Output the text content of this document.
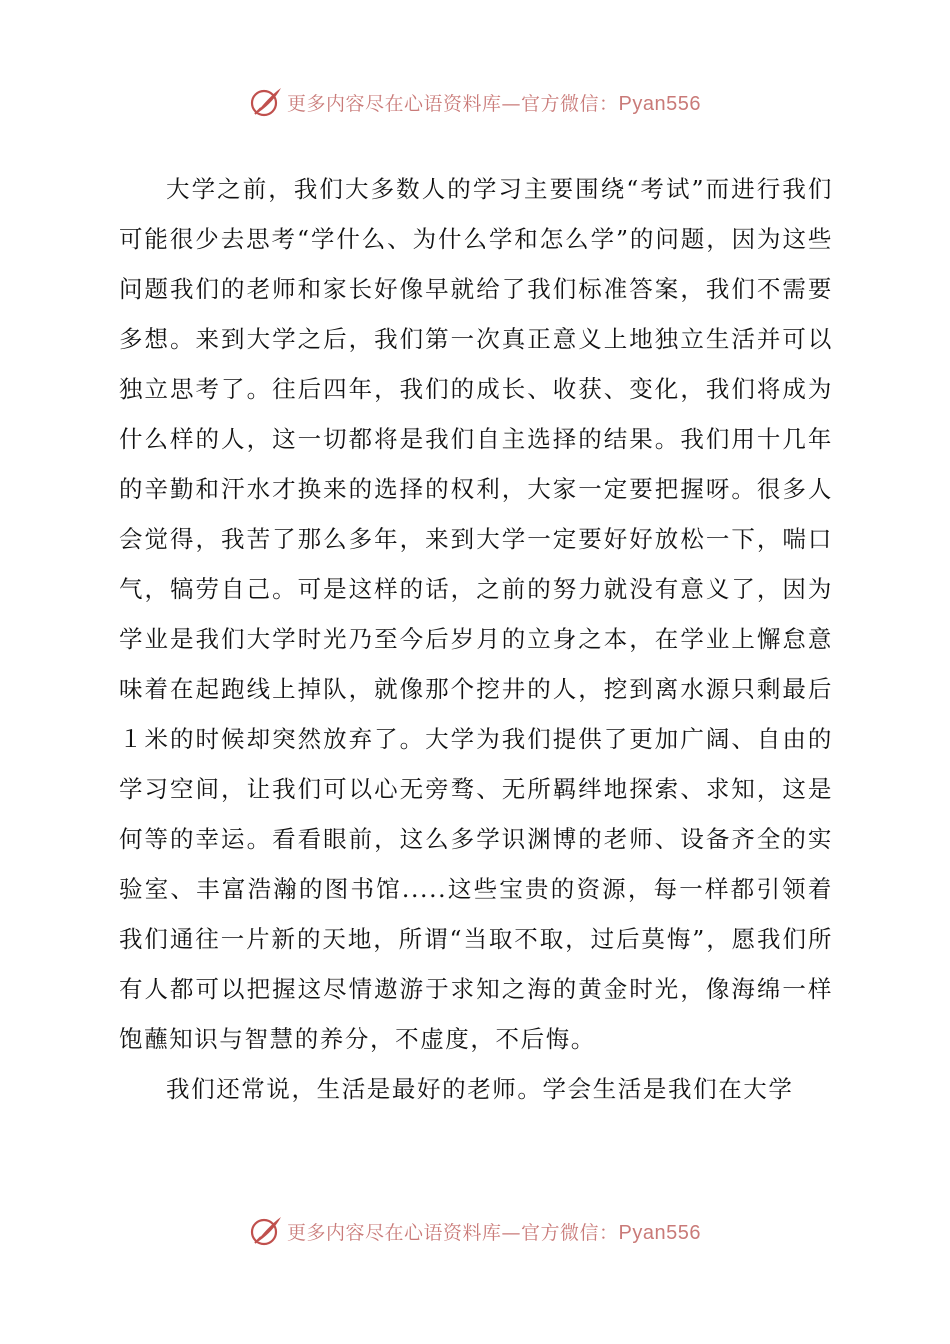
更多内容尽在心语资料库—官方微信：Pyan556

大学之前，我们大多数人的学习主要围绕“考试”而进行我们可能很少去思考“学什么、为什么学和怎么学”的问题，因为这些问题我们的老师和家长好像早就给了我们标准答案，我们不需要多想。来到大学之后，我们第一次真正意义上地独立生活并可以独立思考了。往后四年，我们的成长、收获、变化，我们将成为什么样的人，这一切都将是我们自主选择的结果。我们用十几年的辛勤和汗水才换来的选择的权利，大家一定要把握呀。很多人会觉得，我苦了那么多年，来到大学一定要好好放松一下，喘口气，犒劳自己。可是这样的话，之前的努力就没有意义了，因为学业是我们大学时光乃至今后岁月的立身之本，在学业上懈怠意味着在起跑线上掉队，就像那个挖井的人，挖到离水源只剩最后１米的时候却突然放弃了。大学为我们提供了更加广阔、自由的学习空间，让我们可以心无旁骛、无所羁绊地探索、求知，这是何等的幸运。看看眼前，这么多学识渊博的老师、设备齐全的实验室、丰富浩瀚的图书馆.....这些宝贵的资源，每一样都引领着我们通往一片新的天地，所谓“当取不取，过后莫悔”，愿我们所有人都可以把握这尽情遨游于求知之海的黄金时光，像海绵一样饱蘸知识与智慧的养分，不虚度，不后悔。

我们还常说，生活是最好的老师。学会生活是我们在大学

更多内容尽在心语资料库—官方微信：Pyan556
